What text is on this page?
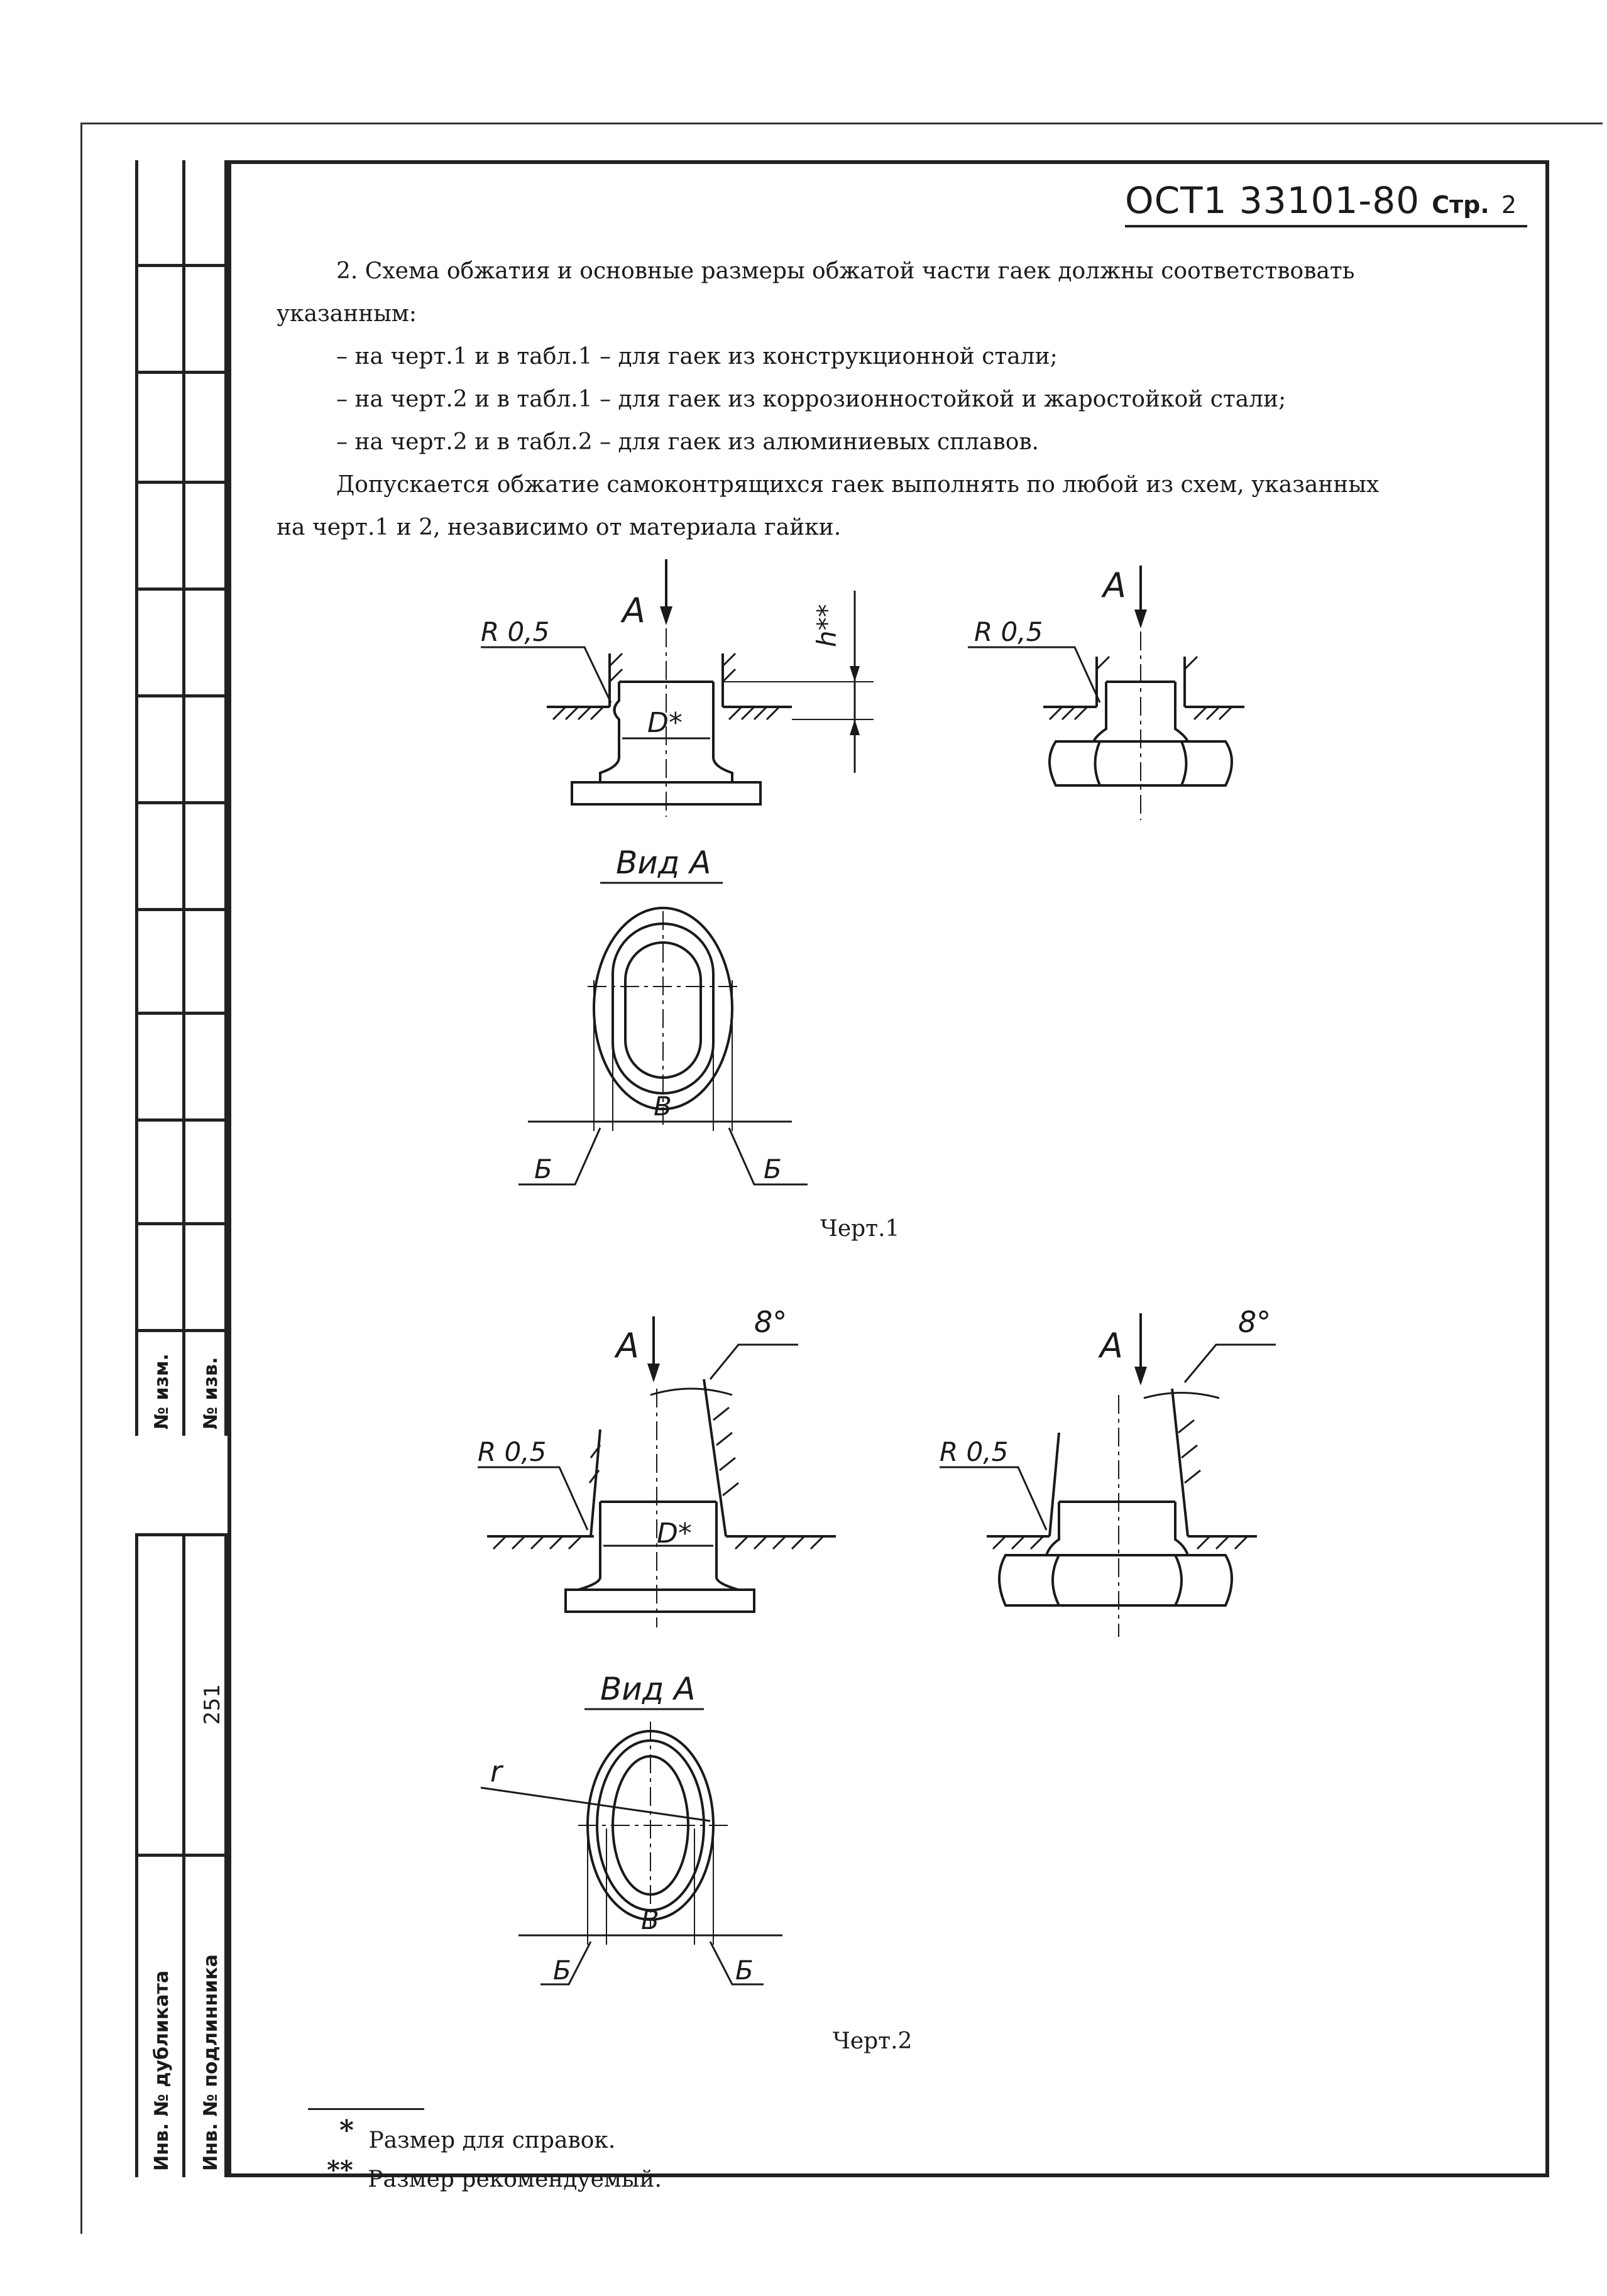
№ изм. № изв.
251
Инв. № дубликата Инв. № подлинника
ОСТ1 33101-80 Стр. 2
2. Схема обжатия и основные размеры обжатой части гаек должны соответствовать
указанным:
– на черт.1 и в табл.1 – для гаек из конструкционной стали;
– на черт.2 и в табл.1 – для гаек из коррозионностойкой и жаростойкой стали;
– на черт.2 и в табл.2 – для гаек из алюминиевых сплавов.
Допускается обжатие самоконтрящихся гаек выполнять по любой из схем, указанных
на черт.1 и 2, независимо от материала гайки.
А
R 0,5
D*
h**
А
R 0,5
Вид А
В
Б	Б
Черт.1
А
8°
R 0,5
D*
А
8°
R 0,5
Вид А
r
В
Б	Б
Черт.2
* Размер для справок.
** Размер рекомендуемый.
